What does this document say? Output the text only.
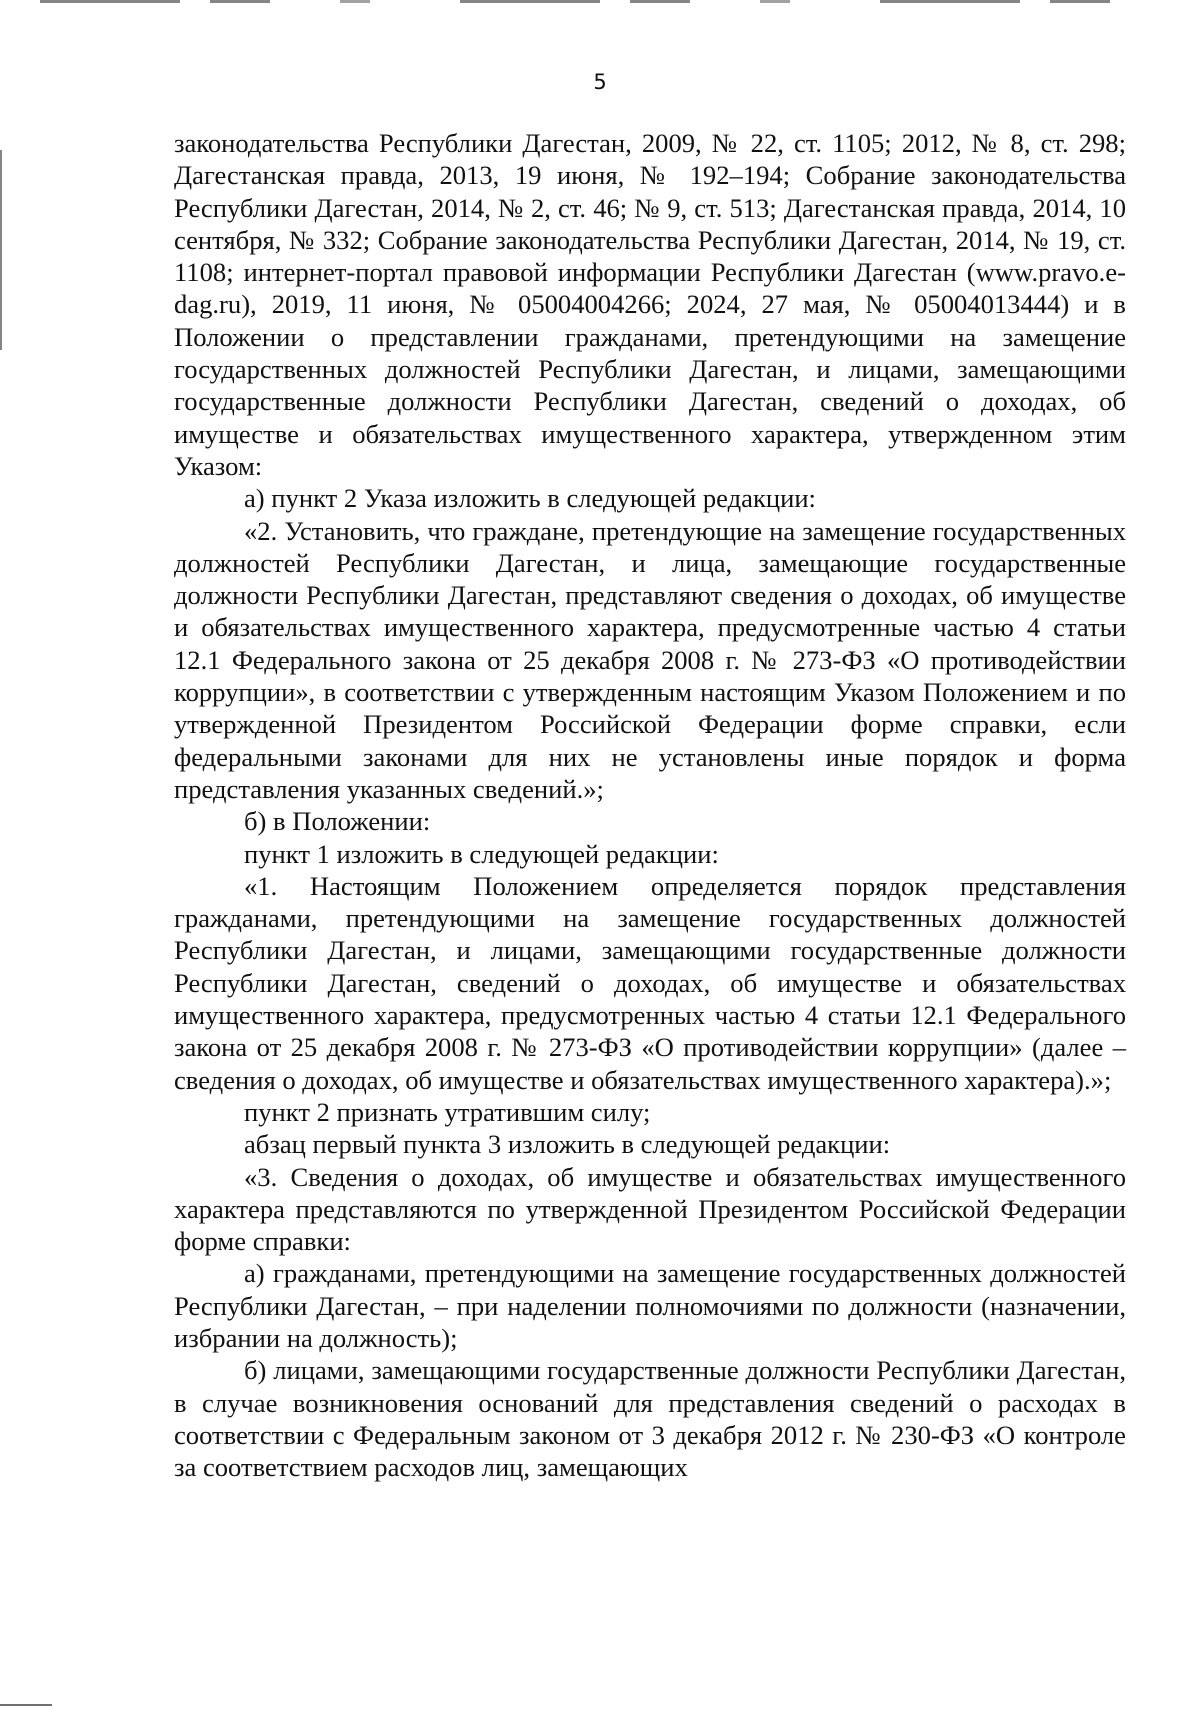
5

законодательства Республики Дагестан, 2009, № 22, ст. 1105; 2012, № 8, ст. 298; Дагестанская правда, 2013, 19 июня, № 192–194; Собрание законодательства Республики Дагестан, 2014, № 2, ст. 46; № 9, ст. 513; Дагестанская правда, 2014, 10 сентября, № 332; Собрание законодательства Республики Дагестан, 2014, № 19, ст. 1108; интернет-портал правовой информации Республики Дагестан (www.pravo.e-dag.ru), 2019, 11 июня, № 05004004266; 2024, 27 мая, № 05004013444) и в Положении о представлении гражданами, претендующими на замещение государственных должностей Республики Дагестан, и лицами, замещающими государственные должности Республики Дагестан, сведений о доходах, об имуществе и обязательствах имущественного характера, утвержденном этим Указом:

а) пункт 2 Указа изложить в следующей редакции:

«2. Установить, что граждане, претендующие на замещение государственных должностей Республики Дагестан, и лица, замещающие государственные должности Республики Дагестан, представляют сведения о доходах, об имуществе и обязательствах имущественного характера, предусмотренные частью 4 статьи 12.1 Федерального закона от 25 декабря 2008 г. № 273-ФЗ «О противодействии коррупции», в соответствии с утвержденным настоящим Указом Положением и по утвержденной Президентом Российской Федерации форме справки, если федеральными законами для них не установлены иные порядок и форма представления указанных сведений.»;

б) в Положении:

пункт 1 изложить в следующей редакции:

«1. Настоящим Положением определяется порядок представления гражданами, претендующими на замещение государственных должностей Республики Дагестан, и лицами, замещающими государственные должности Республики Дагестан, сведений о доходах, об имуществе и обязательствах имущественного характера, предусмотренных частью 4 статьи 12.1 Федерального закона от 25 декабря 2008 г. № 273-ФЗ «О противодействии коррупции» (далее – сведения о доходах, об имуществе и обязательствах имущественного характера).»;

пункт 2 признать утратившим силу;

абзац первый пункта 3 изложить в следующей редакции:

«3. Сведения о доходах, об имуществе и обязательствах имущественного характера представляются по утвержденной Президентом Российской Федерации форме справки:

а) гражданами, претендующими на замещение государственных должностей Республики Дагестан, – при наделении полномочиями по должности (назначении, избрании на должность);

б) лицами, замещающими государственные должности Республики Дагестан, в случае возникновения оснований для представления сведений о расходах в соответствии с Федеральным законом от 3 декабря 2012 г. № 230-ФЗ «О контроле за соответствием расходов лиц, замещающих
